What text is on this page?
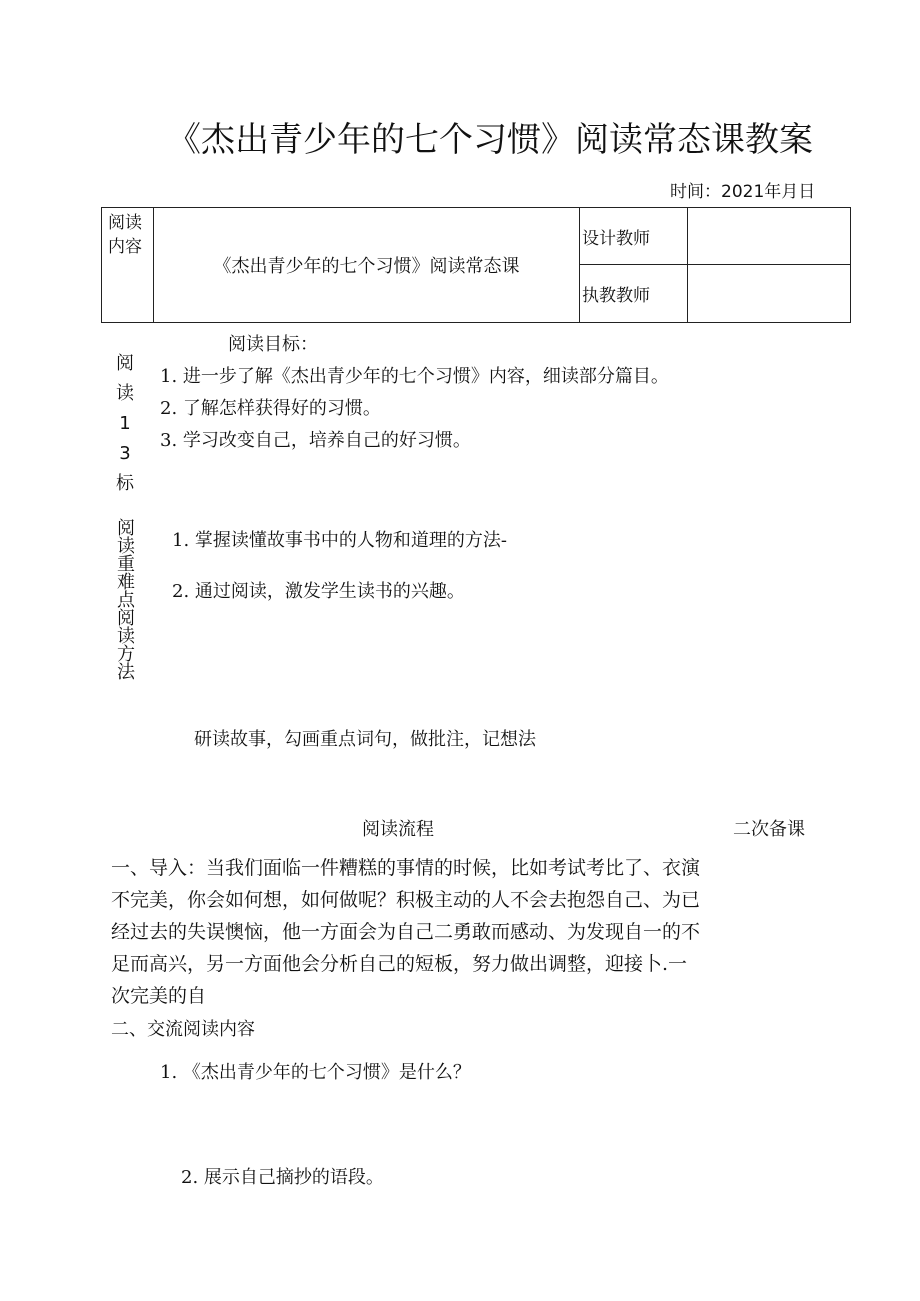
《杰出青少年的七个习惯》阅读常态课教案
时间：2021年月日
阅读内容	《杰出青少年的七个习惯》阅读常态课	设计教师	
		执教教师	
阅
读
1
3
标
阅读目标：
1. 进一步了解《杰出青少年的七个习惯》内容，细读部分篇目。
2. 了解怎样获得好的习惯。
3. 学习改变自己，培养自己的好习惯。
阅读重难点阅读方法 1. 掌握读懂故事书中的人物和道理的方法-
2. 通过阅读，激发学生读书的兴趣。
研读故事，勾画重点词句，做批注，记想法
阅读流程	二次备课
一、导入：当我们面临一件糟糕的事情的时候，比如考试考比了、衣演不完美，你会如何想，如何做呢？积极主动的人不会去抱怨自己、为已经过去的失误懊恼，他一方面会为自己二勇敢而感动、为发现自一的不足而高兴，另一方面他会分析自己的短板，努力做出调整，迎接卜.一次完美的自
二、交流阅读内容
1. 《杰出青少年的七个习惯》是什么？
2. 展示自己摘抄的语段。
